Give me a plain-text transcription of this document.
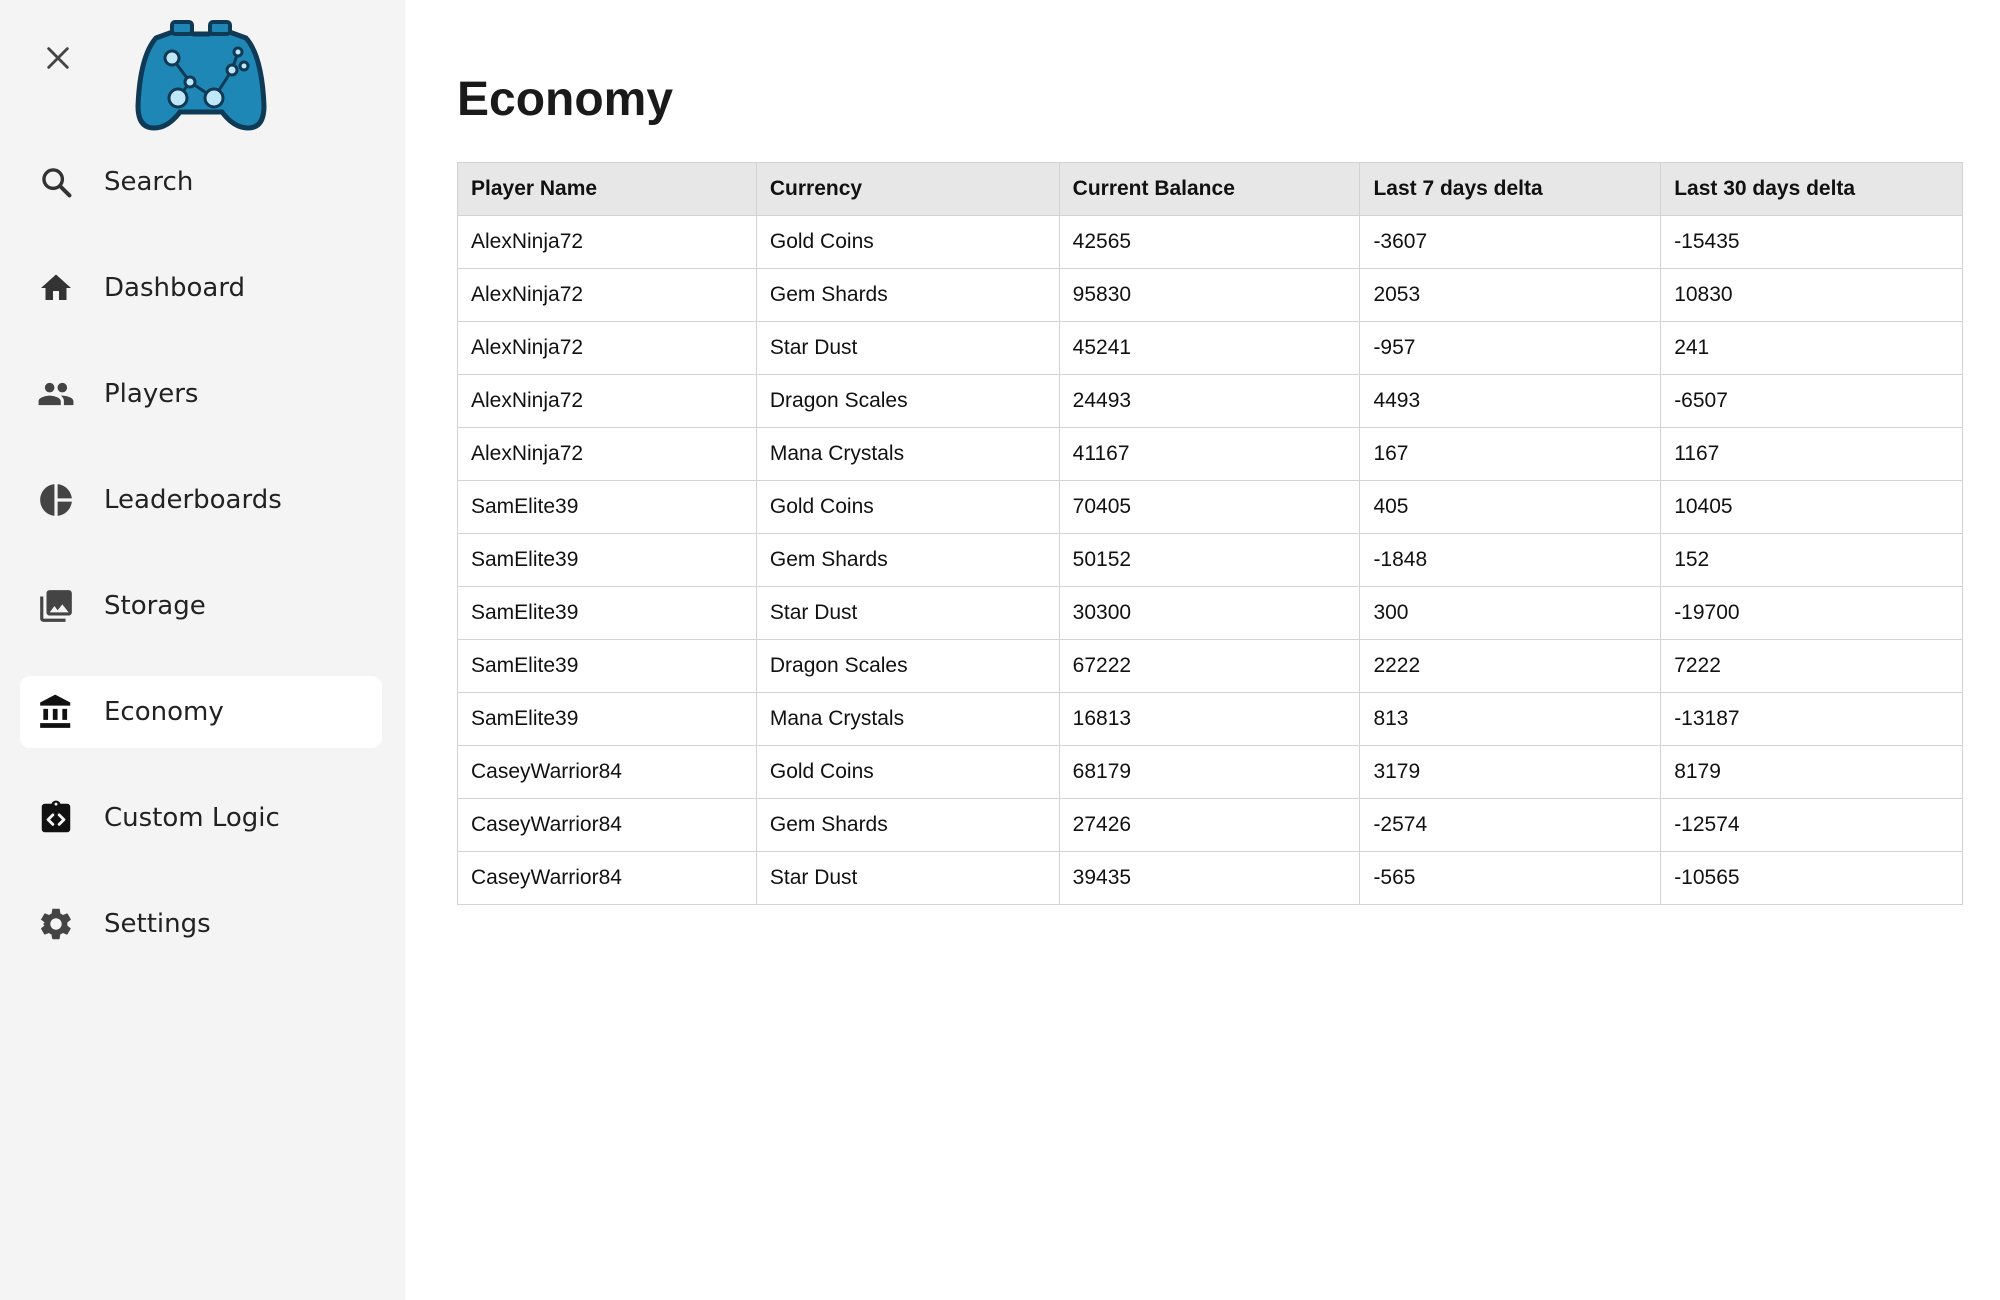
Search
Dashboard
Players
Leaderboards
Storage
Economy
Custom Logic
Settings
Economy
Player Name	Currency	Current Balance	Last 7 days delta	Last 30 days delta
AlexNinja72	Gold Coins	42565	-3607	-15435
AlexNinja72	Gem Shards	95830	2053	10830
AlexNinja72	Star Dust	45241	-957	241
AlexNinja72	Dragon Scales	24493	4493	-6507
AlexNinja72	Mana Crystals	41167	167	1167
SamElite39	Gold Coins	70405	405	10405
SamElite39	Gem Shards	50152	-1848	152
SamElite39	Star Dust	30300	300	-19700
SamElite39	Dragon Scales	67222	2222	7222
SamElite39	Mana Crystals	16813	813	-13187
CaseyWarrior84	Gold Coins	68179	3179	8179
CaseyWarrior84	Gem Shards	27426	-2574	-12574
CaseyWarrior84	Star Dust	39435	-565	-10565
